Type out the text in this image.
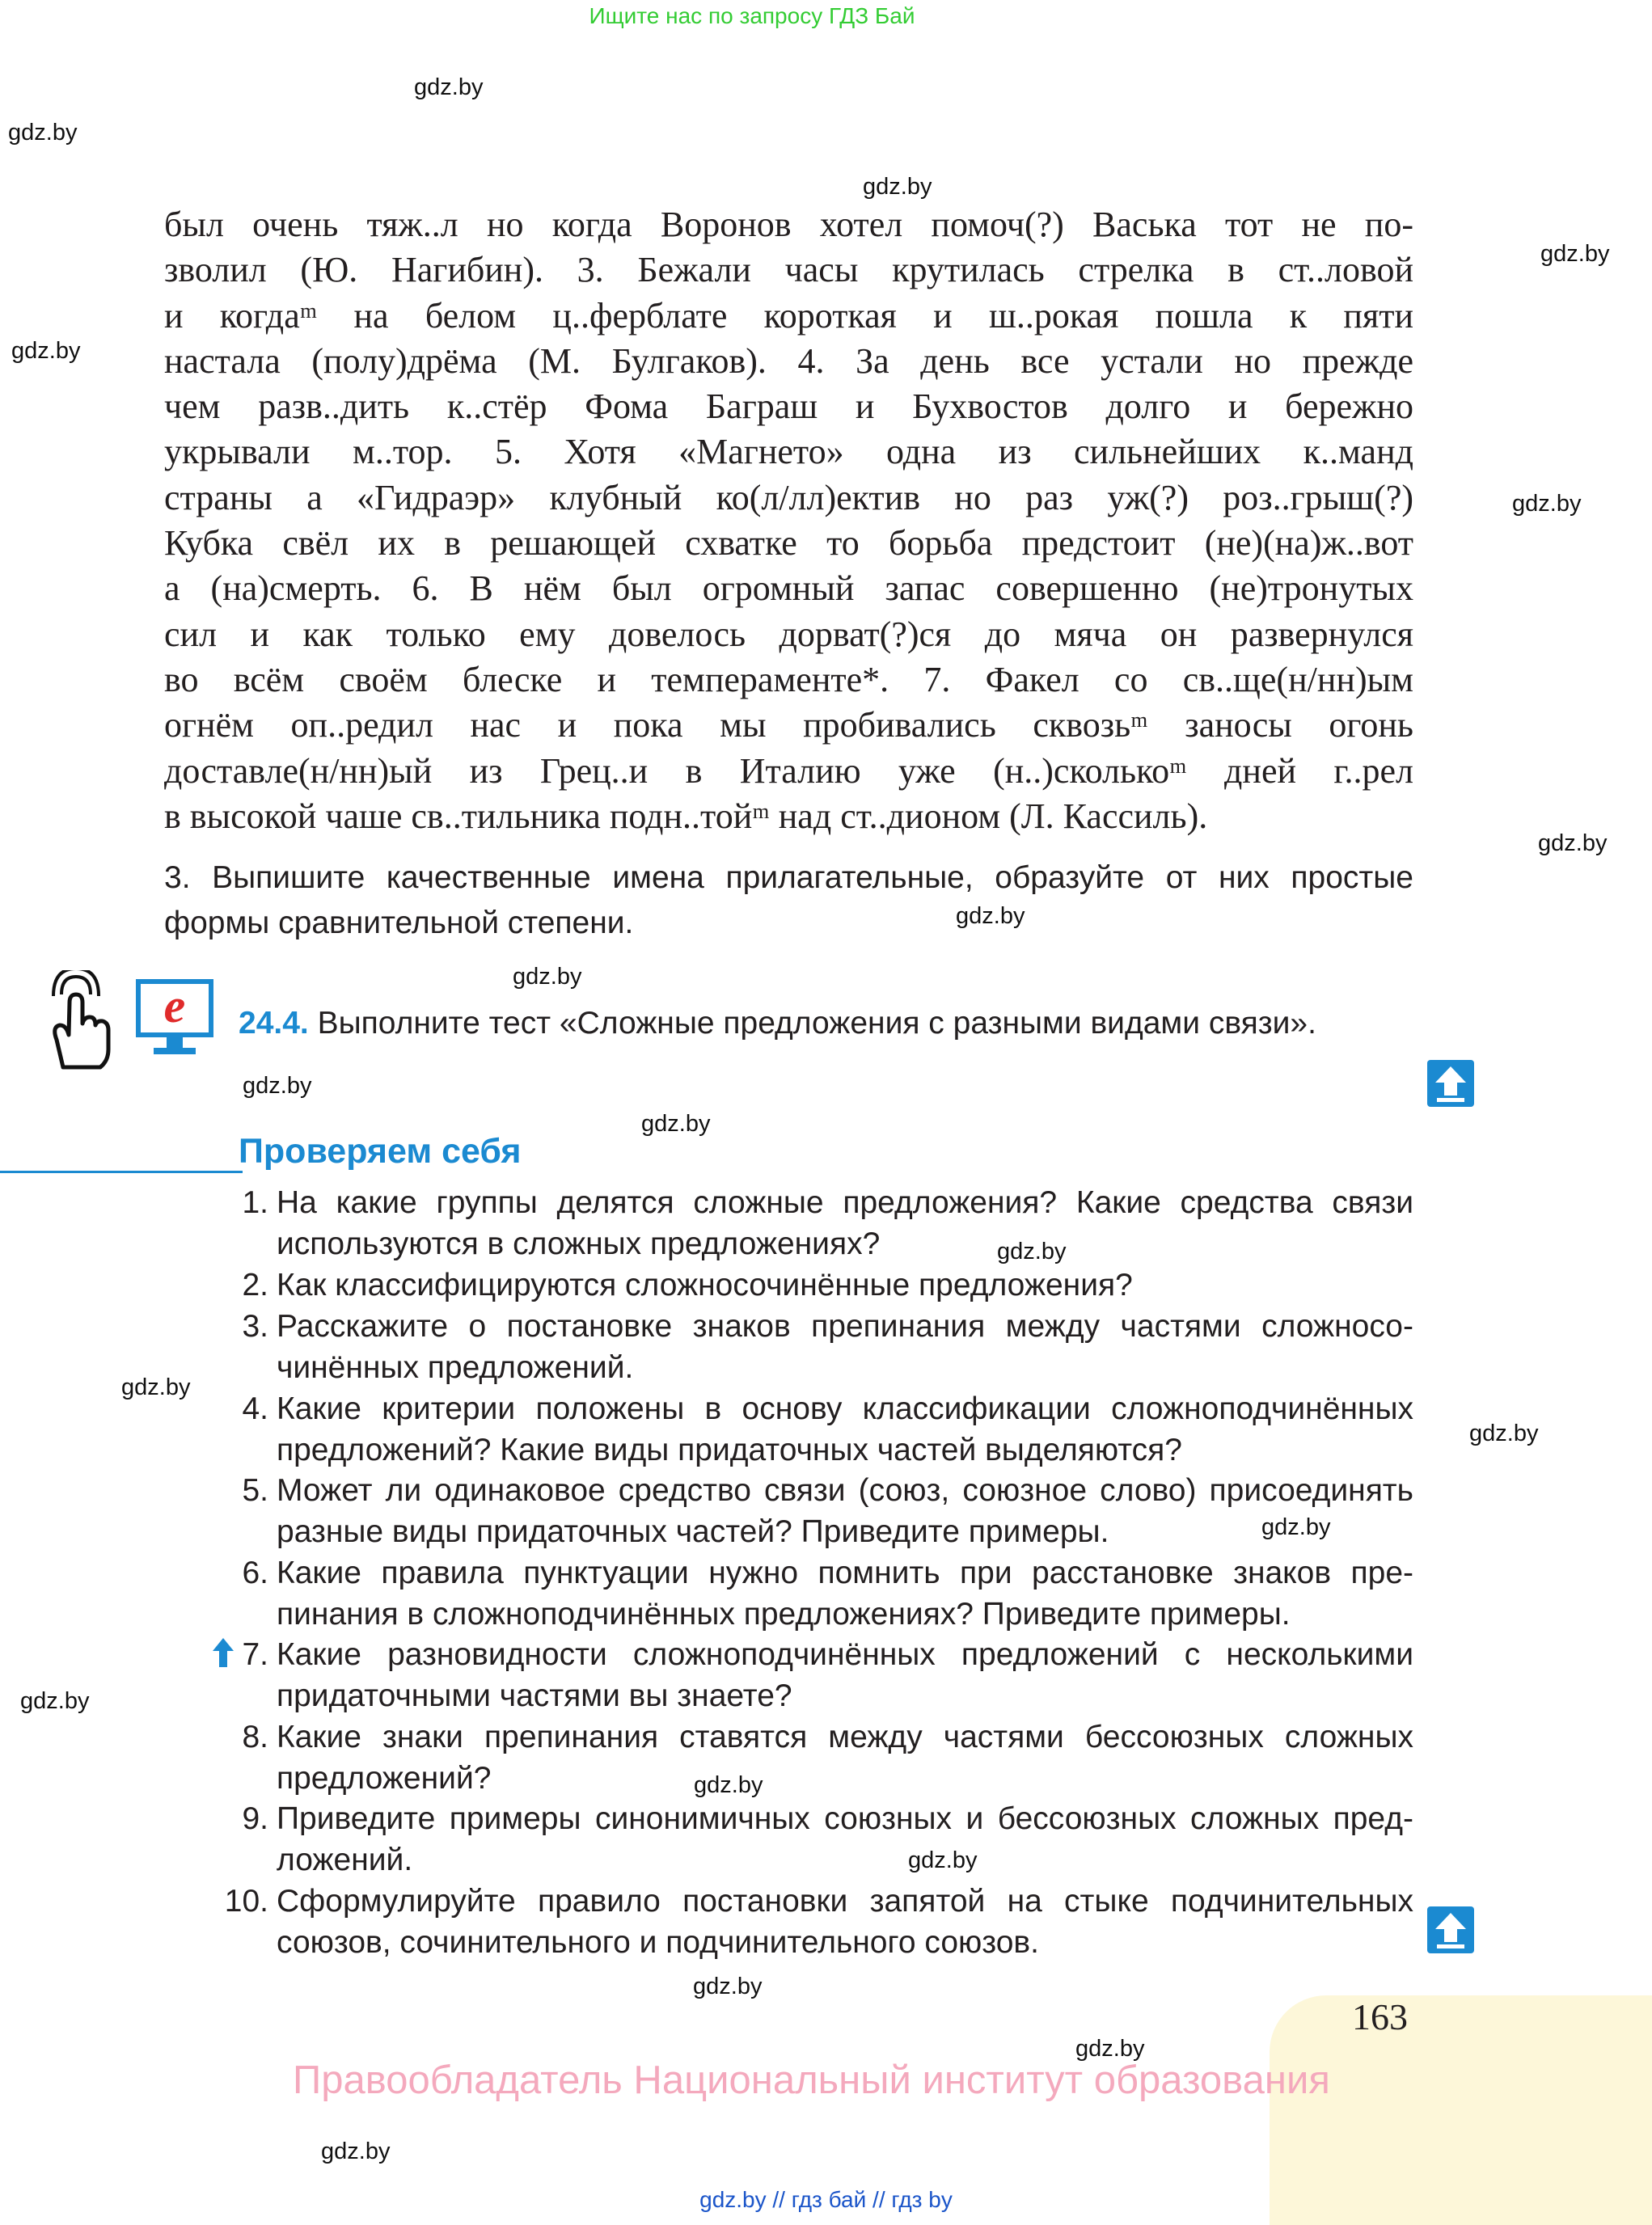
Ищите нас по запросу ГДЗ Бай
gdz.by
gdz.by
gdz.by
gdz.by
gdz.by
gdz.by
gdz.by
gdz.by
gdz.by
gdz.by
gdz.by
gdz.by
gdz.by
gdz.by
gdz.by
gdz.by
gdz.by
gdz.by
gdz.by
gdz.by
gdz.by
был очень тяж..л но когда Воронов хотел помоч(?) Васька тот не по-
зволил (Ю. Нагибин). 3. Бежали часы крутилась стрелка в ст..ловой
и когдаᵐ на белом ц..ферблате короткая и ш..рокая пошла к пяти
настала (полу)дрёма (М. Булгаков). 4. За день все устали но прежде
чем разв..дить к..стёр Фома Баграш и Бухвостов долго и бережно
укрывали м..тор. 5. Хотя «Магнето» одна из сильнейших к..манд
страны а «Гидраэр» клубный ко(л/лл)ектив но раз уж(?) роз..грыш(?)
Кубка свёл их в решающей схватке то борьба предстоит (не)(на)ж..вот
а (на)смерть. 6. В нём был огромный запас совершенно (не)тронутых
сил и как только ему довелось дорват(?)ся до мяча он развернулся
во всём своём блеске и темпераменте*. 7. Факел со св..ще(н/нн)ым
огнём оп..редил нас и пока мы пробивались сквозьᵐ заносы огонь
доставле(н/нн)ый из Грец..и в Италию уже (н..)сколькоᵐ дней г..рел
в высокой чаше св..тильника подн..тойᵐ над ст..дионом (Л. Кассиль).
3. Выпишите качественные имена прилагательные, образуйте от них простые
формы сравнительной степени.
e 24.4. Выполните тест «Сложные предложения с разными видами связи».
Проверяем себя
1. На какие группы делятся сложные предложения? Какие средства связи
используются в сложных предложениях?
2. Как классифицируются сложносочинённые предложения?
3. Расскажите о постановке знаков препинания между частями сложносо-
чинённых предложений.
4. Какие критерии положены в основу классификации сложноподчинённых
предложений? Какие виды придаточных частей выделяются?
5. Может ли одинаковое средство связи (союз, союзное слово) присоединять
разные виды придаточных частей? Приведите примеры.
6. Какие правила пунктуации нужно помнить при расстановке знаков пре-
пинания в сложноподчинённых предложениях? Приведите примеры.
7. Какие разновидности сложноподчинённых предложений с несколькими
придаточными частями вы знаете?
8. Какие знаки препинания ставятся между частями бессоюзных сложных
предложений?
9. Приведите примеры синонимичных союзных и бессоюзных сложных пред-
ложений.
10. Сформулируйте правило постановки запятой на стыке подчинительных
союзов, сочинительного и подчинительного союзов.
163
Правообладатель Национальный институт образования
gdz.by // гдз бай // гдз by
